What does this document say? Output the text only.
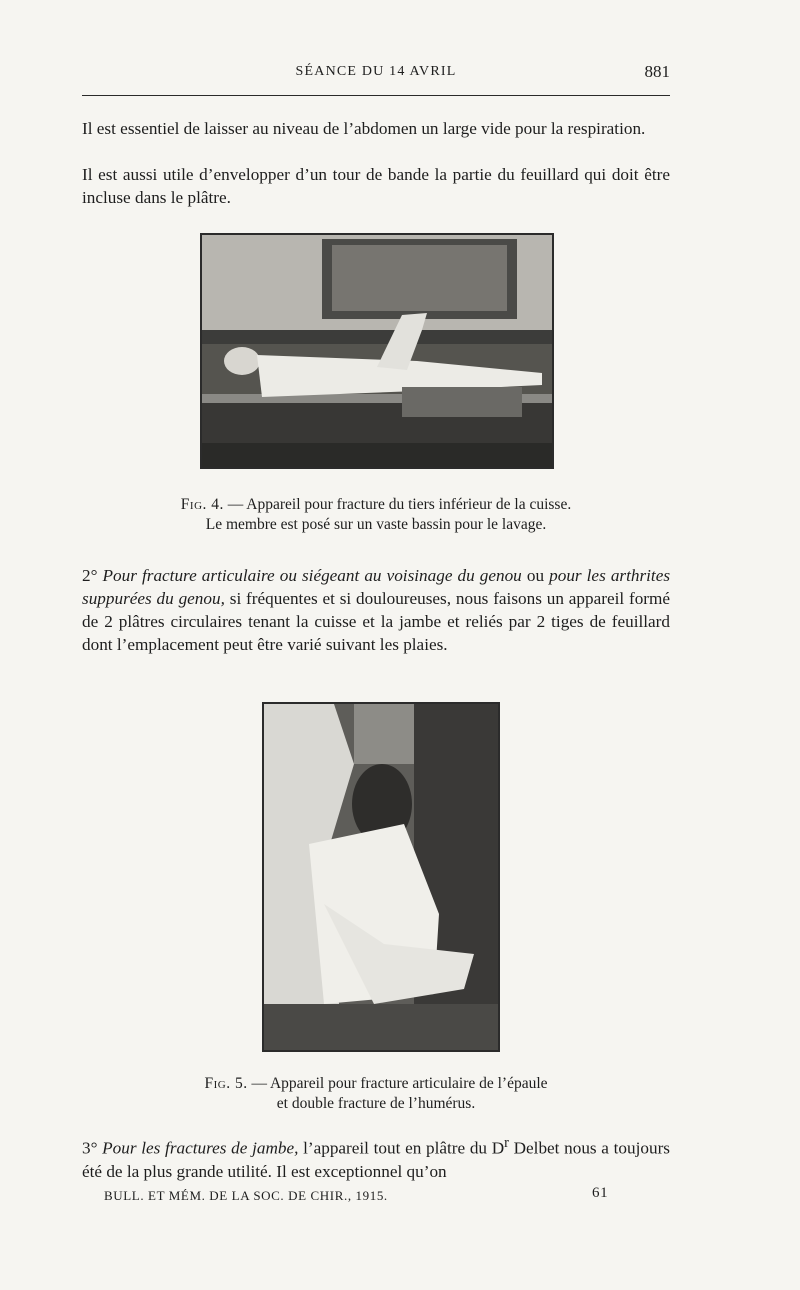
SÉANCE DU 14 AVRIL	881

Il est essentiel de laisser au niveau de l’abdomen un large vide pour la respiration.

Il est aussi utile d’envelopper d’un tour de bande la partie du feuillard qui doit être incluse dans le plâtre.

Fig. 4. — Appareil pour fracture du tiers inférieur de la cuisse.
Le membre est posé sur un vaste bassin pour le lavage.

2° Pour fracture articulaire ou siégeant au voisinage du genou ou pour les arthrites suppurées du genou, si fréquentes et si douloureuses, nous faisons un appareil formé de 2 plâtres circulaires tenant la cuisse et la jambe et reliés par 2 tiges de feuillard dont l’emplacement peut être varié suivant les plaies.

Fig. 5. — Appareil pour fracture articulaire de l’épaule
et double fracture de l’humérus.

3° Pour les fractures de jambe, l’appareil tout en plâtre du $D^r$ Delbet nous a toujours été de la plus grande utilité. Il est exceptionnel qu’on

BULL. ET MÉM. DE LA SOC. DE CHIR., 1915.	61
